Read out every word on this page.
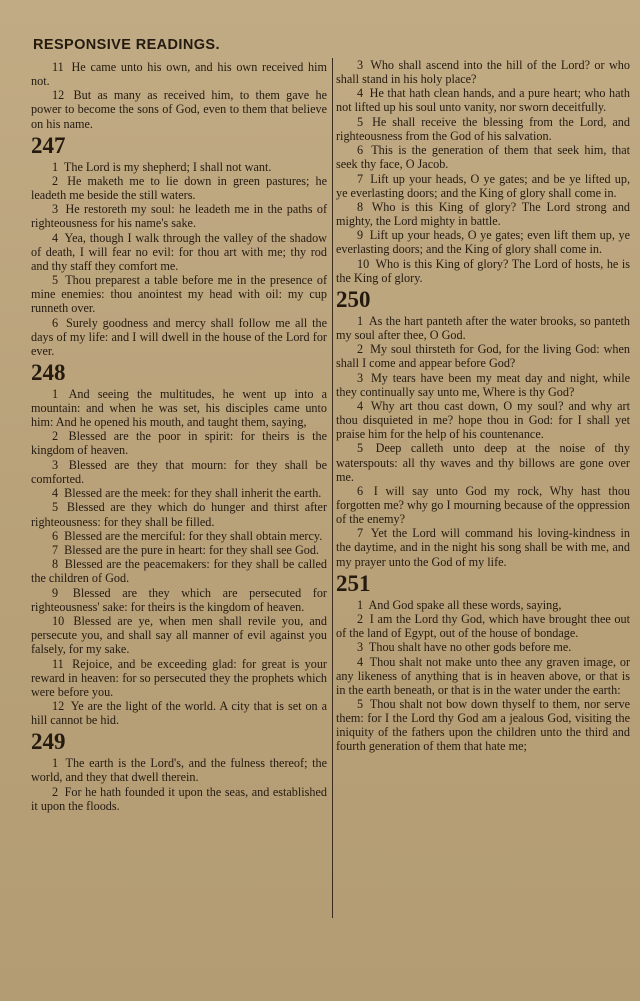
RESPONSIVE READINGS.

11 He came unto his own, and his own received him not.

12 But as many as received him, to them gave he power to become the sons of God, even to them that believe on his name.

247

1 The Lord is my shepherd; I shall not want.

2 He maketh me to lie down in green pastures; he leadeth me beside the still waters.

3 He restoreth my soul: he leadeth me in the paths of righteousness for his name's sake.

4 Yea, though I walk through the valley of the shadow of death, I will fear no evil: for thou art with me; thy rod and thy staff they comfort me.

5 Thou preparest a table before me in the presence of mine enemies: thou anointest my head with oil: my cup runneth over.

6 Surely goodness and mercy shall follow me all the days of my life: and I will dwell in the house of the Lord for ever.

248

1 And seeing the multitudes, he went up into a mountain: and when he was set, his disciples came unto him: And he opened his mouth, and taught them, saying,

2 Blessed are the poor in spirit: for theirs is the kingdom of heaven.

3 Blessed are they that mourn: for they shall be comforted.

4 Blessed are the meek: for they shall inherit the earth.

5 Blessed are they which do hunger and thirst after righteousness: for they shall be filled.

6 Blessed are the merciful: for they shall obtain mercy.

7 Blessed are the pure in heart: for they shall see God.

8 Blessed are the peacemakers: for they shall be called the children of God.

9 Blessed are they which are persecuted for righteousness' sake: for theirs is the kingdom of heaven.

10 Blessed are ye, when men shall revile you, and persecute you, and shall say all manner of evil against you falsely, for my sake.

11 Rejoice, and be exceeding glad: for great is your reward in heaven: for so persecuted they the prophets which were before you.

12 Ye are the light of the world. A city that is set on a hill cannot be hid.

249

1 The earth is the Lord's, and the fulness thereof; the world, and they that dwell therein.

2 For he hath founded it upon the seas, and established it upon the floods.

3 Who shall ascend into the hill of the Lord? or who shall stand in his holy place?

4 He that hath clean hands, and a pure heart; who hath not lifted up his soul unto vanity, nor sworn deceitfully.

5 He shall receive the blessing from the Lord, and righteousness from the God of his salvation.

6 This is the generation of them that seek him, that seek thy face, O Jacob.

7 Lift up your heads, O ye gates; and be ye lifted up, ye everlasting doors; and the King of glory shall come in.

8 Who is this King of glory? The Lord strong and mighty, the Lord mighty in battle.

9 Lift up your heads, O ye gates; even lift them up, ye everlasting doors; and the King of glory shall come in.

10 Who is this King of glory? The Lord of hosts, he is the King of glory.

250

1 As the hart panteth after the water brooks, so panteth my soul after thee, O God.

2 My soul thirsteth for God, for the living God: when shall I come and appear before God?

3 My tears have been my meat day and night, while they continually say unto me, Where is thy God?

4 Why art thou cast down, O my soul? and why art thou disquieted in me? hope thou in God: for I shall yet praise him for the help of his countenance.

5 Deep calleth unto deep at the noise of thy waterspouts: all thy waves and thy billows are gone over me.

6 I will say unto God my rock, Why hast thou forgotten me? why go I mourning because of the oppression of the enemy?

7 Yet the Lord will command his loving-kindness in the daytime, and in the night his song shall be with me, and my prayer unto the God of my life.

251

1 And God spake all these words, saying,

2 I am the Lord thy God, which have brought thee out of the land of Egypt, out of the house of bondage.

3 Thou shalt have no other gods before me.

4 Thou shalt not make unto thee any graven image, or any likeness of anything that is in heaven above, or that is in the earth beneath, or that is in the water under the earth:

5 Thou shalt not bow down thyself to them, nor serve them: for I the Lord thy God am a jealous God, visiting the iniquity of the fathers upon the children unto the third and fourth generation of them that hate me;
